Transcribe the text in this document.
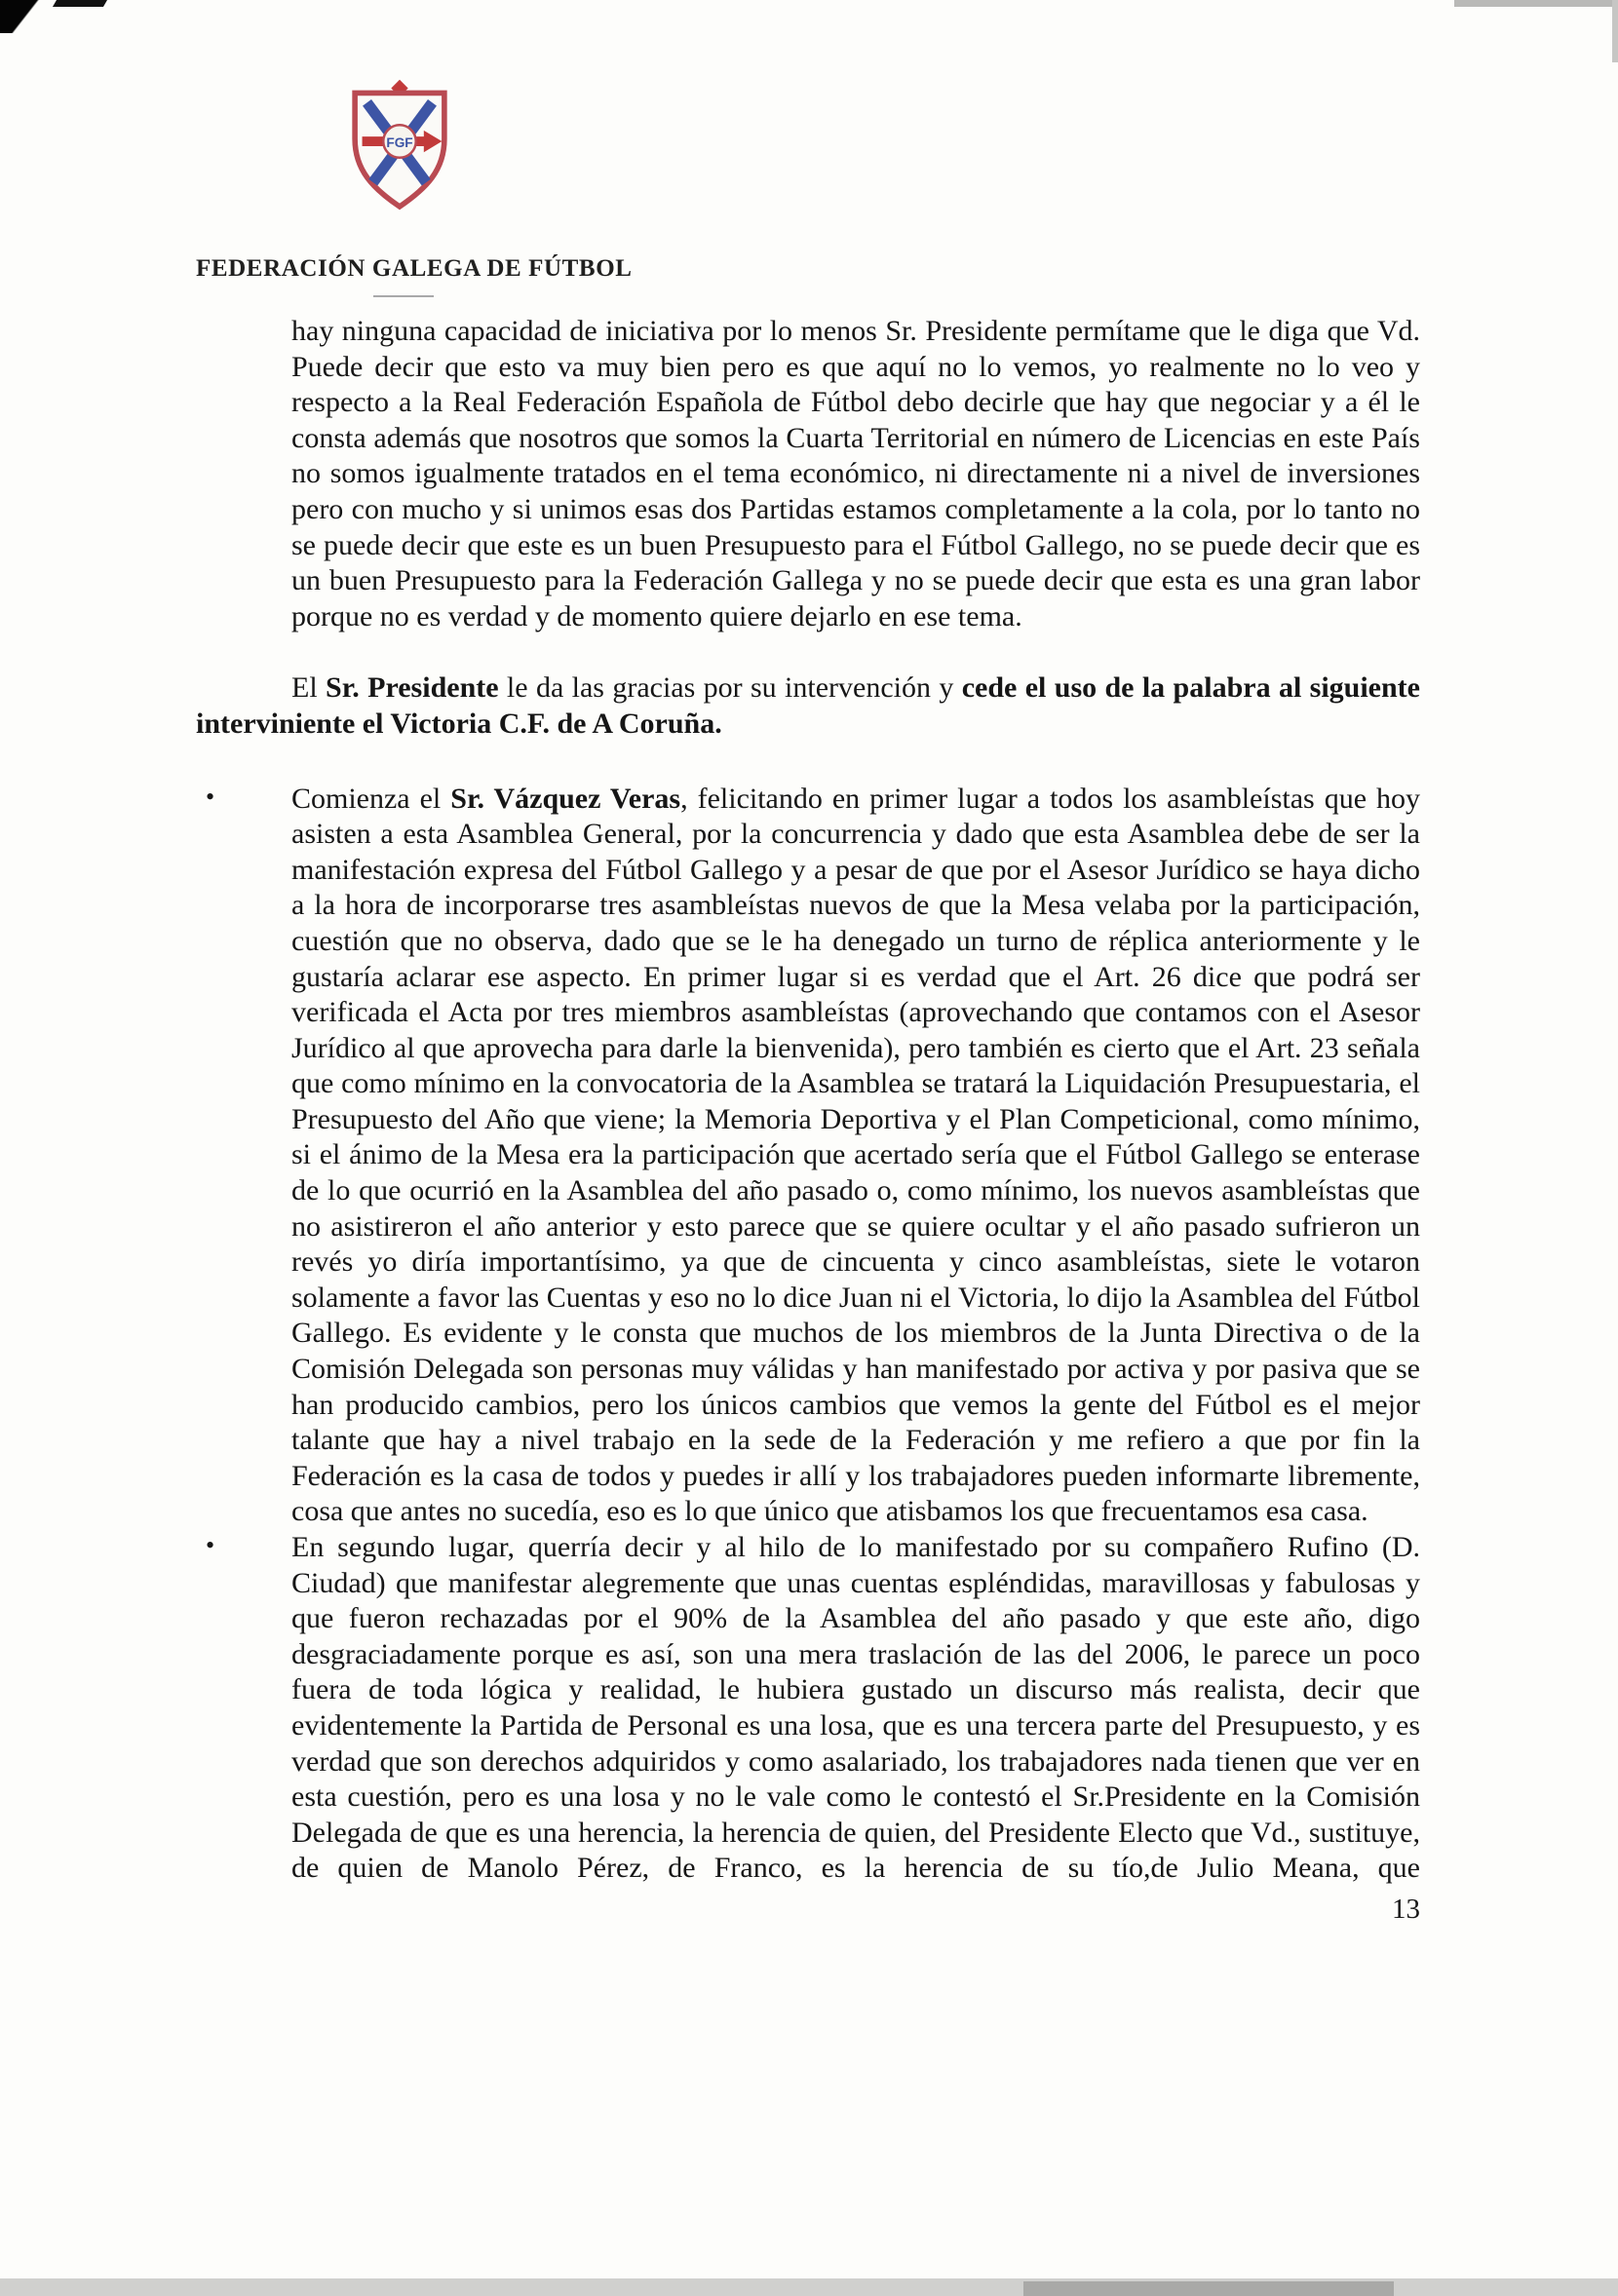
FGF
FEDERACIÓN GALEGA DE FÚTBOL

hay ninguna capacidad de iniciativa por lo menos Sr. Presidente permítame que le diga que Vd. Puede decir que esto va muy bien pero es que aquí no lo vemos, yo realmente no lo veo y respecto a la Real Federación Española de Fútbol debo decirle que hay que negociar y a él le consta además que nosotros que somos la Cuarta Territorial en número de Licencias en este País no somos igualmente tratados en el tema económico, ni directamente ni a nivel de inversiones pero con mucho y si unimos esas dos Partidas estamos completamente a la cola, por lo tanto no se puede decir que este es un buen Presupuesto para el Fútbol Gallego, no se puede decir que es un buen Presupuesto para la Federación Gallega y no se puede decir que esta es una gran labor porque no es verdad y de momento quiere dejarlo en ese tema.

El Sr. Presidente le da las gracias por su intervención y cede el uso de la palabra al siguiente interviniente el Victoria C.F. de A Coruña.

•	Comienza el Sr. Vázquez Veras, felicitando en primer lugar a todos los asambleístas que hoy asisten a esta Asamblea General, por la concurrencia y dado que esta Asamblea debe de ser la manifestación expresa del Fútbol Gallego y a pesar de que por el Asesor Jurídico se haya dicho a la hora de incorporarse tres asambleístas nuevos de que la Mesa velaba por la participación, cuestión que no observa, dado que se le ha denegado un turno de réplica anteriormente y le gustaría aclarar ese aspecto. En primer lugar si es verdad que el Art. 26 dice que podrá ser verificada el Acta por tres miembros asambleístas (aprovechando que contamos con el Asesor Jurídico al que aprovecha para darle la bienvenida), pero también es cierto que el Art. 23 señala que como mínimo en la convocatoria de la Asamblea se tratará la Liquidación Presupuestaria, el Presupuesto del Año que viene; la Memoria Deportiva y el Plan Competicional, como mínimo, si el ánimo de la Mesa era la participación que acertado sería que el Fútbol Gallego se enterase de lo que ocurrió en la Asamblea del año pasado o, como mínimo, los nuevos asambleístas que no asistireron el año anterior y esto parece que se quiere ocultar y el año pasado sufrieron un revés yo diría importantísimo, ya que de cincuenta y cinco asambleístas, siete le votaron solamente a favor las Cuentas y eso no lo dice Juan ni el Victoria, lo dijo la Asamblea del Fútbol Gallego. Es evidente y le consta que muchos de los miembros de la Junta Directiva o de la Comisión Delegada son personas muy válidas y han manifestado por activa y por pasiva que se han producido cambios, pero los únicos cambios que vemos la gente del Fútbol es el mejor talante que hay a nivel trabajo en la sede de la Federación y me refiero a que por fin la Federación es la casa de todos y puedes ir allí y los trabajadores pueden informarte libremente, cosa que antes no sucedía, eso es lo que único que atisbamos los que frecuentamos esa casa.

•	En segundo lugar, querría decir y al hilo de lo manifestado por su compañero Rufino (D. Ciudad) que manifestar alegremente que unas cuentas espléndidas, maravillosas y fabulosas y que fueron rechazadas por el 90% de la Asamblea del año pasado y que este año, digo desgraciadamente porque es así, son una mera traslación de las del 2006, le parece un poco fuera de toda lógica y realidad, le hubiera gustado un discurso más realista, decir que evidentemente la Partida de Personal es una losa, que es una tercera parte del Presupuesto, y es verdad que son derechos adquiridos y como asalariado, los trabajadores nada tienen que ver en esta cuestión, pero es una losa y no le vale como le contestó el Sr.Presidente en la Comisión Delegada de que es una herencia, la herencia de quien, del Presidente Electo que Vd., sustituye, de quien de Manolo Pérez, de Franco, es la herencia de su tío,de Julio Meana, que

13
